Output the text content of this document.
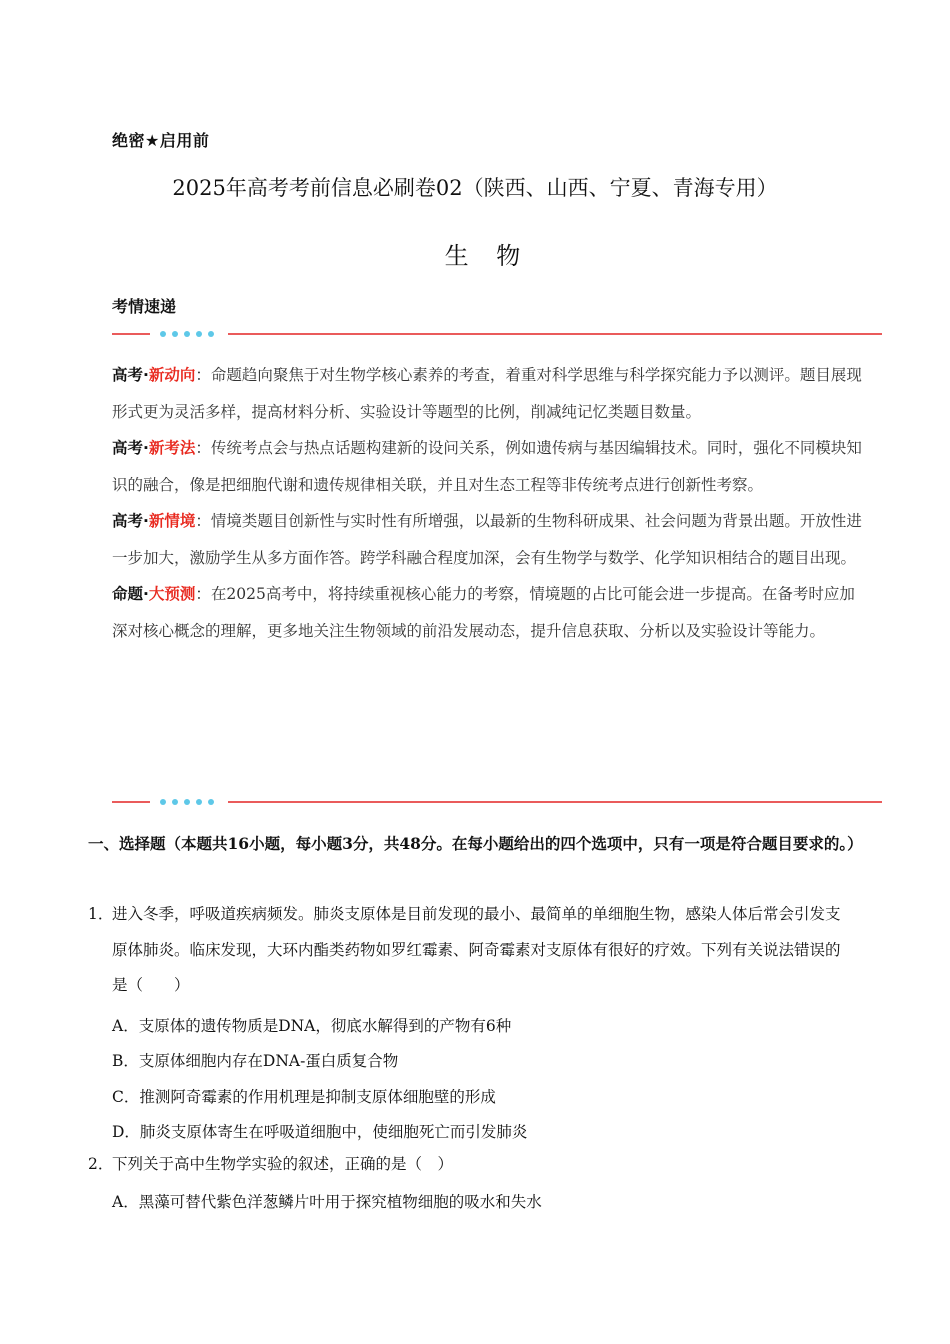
绝密★启用前
2025年高考考前信息必刷卷02（陕西、山西、宁夏、青海专用）
生 物
考情速递

高考·新动向：命题趋向聚焦于对生物学核心素养的考查，着重对科学思维与科学探究能力予以测评。题目展现形式更为灵活多样，提高材料分析、实验设计等题型的比例，削减纯记忆类题目数量。

高考·新考法：传统考点会与热点话题构建新的设问关系，例如遗传病与基因编辑技术。同时，强化不同模块知识的融合，像是把细胞代谢和遗传规律相关联，并且对生态工程等非传统考点进行创新性考察。

高考·新情境：情境类题目创新性与实时性有所增强，以最新的生物科研成果、社会问题为背景出题。开放性进一步加大，激励学生从多方面作答。跨学科融合程度加深，会有生物学与数学、化学知识相结合的题目出现。

命题·大预测：在2025高考中，将持续重视核心能力的考察，情境题的占比可能会进一步提高。在备考时应加深对核心概念的理解，更多地关注生物领域的前沿发展动态，提升信息获取、分析以及实验设计等能力。

一、选择题（本题共16小题，每小题3分，共48分。在每小题给出的四个选项中，只有一项是符合题目要求的。）
1．
进入冬季，呼吸道疾病频发。肺炎支原体是目前发现的最小、最简单的单细胞生物，感染人体后常会引发支原体肺炎。临床发现，大环内酯类药物如罗红霉素、阿奇霉素对支原体有很好的疗效。下列有关说法错误的是（　　）
A．支原体的遗传物质是DNA，彻底水解得到的产物有6种
B．支原体细胞内存在DNA-蛋白质复合物
C．推测阿奇霉素的作用机理是抑制支原体细胞壁的形成
D．肺炎支原体寄生在呼吸道细胞中，使细胞死亡而引发肺炎
2．
下列关于高中生物学实验的叙述，正确的是（　）
A．黑藻可替代紫色洋葱鳞片叶用于探究植物细胞的吸水和失水
